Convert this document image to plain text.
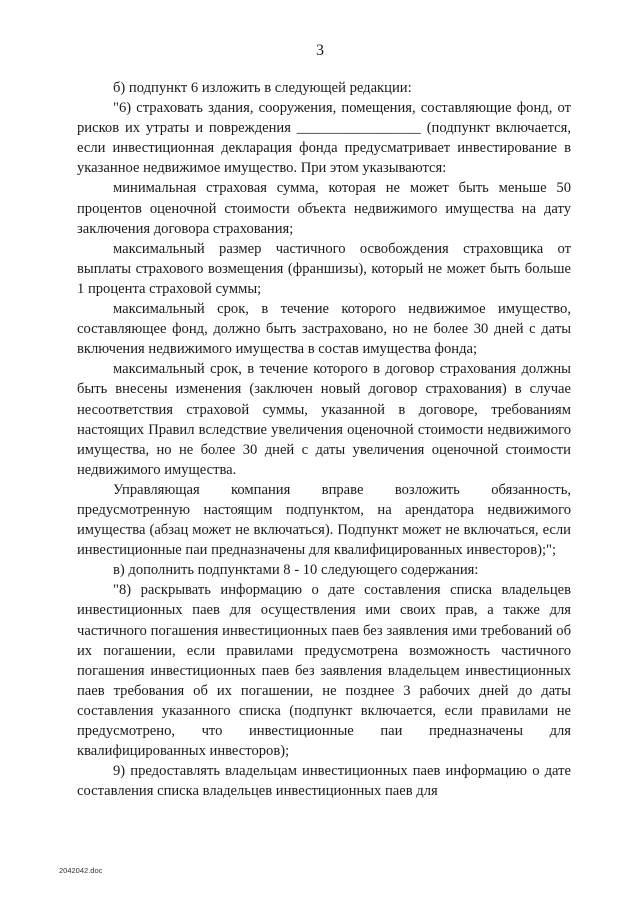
3

б) подпункт 6 изложить в следующей редакции:

"6) страховать здания, сооружения, помещения, составляющие фонд, от рисков их утраты и повреждения _________________ (подпункт включается, если инвестиционная декларация фонда предусматривает инвестирование в указанное недвижимое имущество. При этом указываются:

минимальная страховая сумма, которая не может быть меньше 50 процентов оценочной стоимости объекта недвижимого имущества на дату заключения договора страхования;

максимальный размер частичного освобождения страховщика от выплаты страхового возмещения (франшизы), который не может быть больше 1 процента страховой суммы;

максимальный срок, в течение которого недвижимое имущество, составляющее фонд, должно быть застраховано, но не более 30 дней с даты включения недвижимого имущества в состав имущества фонда;

максимальный срок, в течение которого в договор страхования должны быть внесены изменения (заключен новый договор страхования) в случае несоответствия страховой суммы, указанной в договоре, требованиям настоящих Правил вследствие увеличения оценочной стоимости недвижимого имущества, но не более 30 дней с даты увеличения оценочной стоимости недвижимого имущества.

Управляющая компания вправе возложить обязанность, предусмотренную настоящим подпунктом, на арендатора недвижимого имущества (абзац может не включаться). Подпункт может не включаться, если инвестиционные паи предназначены для квалифицированных инвесторов);";

в) дополнить подпунктами 8 - 10 следующего содержания:

"8) раскрывать информацию о дате составления списка владельцев инвестиционных паев для осуществления ими своих прав, а также для частичного погашения инвестиционных паев без заявления ими требований об их погашении, если правилами предусмотрена возможность частичного погашения инвестиционных паев без заявления владельцем инвестиционных паев требования об их погашении, не позднее 3 рабочих дней до даты составления указанного списка (подпункт включается, если правилами не предусмотрено, что инвестиционные паи предназначены для квалифицированных инвесторов);

9) предоставлять владельцам инвестиционных паев информацию о дате составления списка владельцев инвестиционных паев для

2042042.doc
